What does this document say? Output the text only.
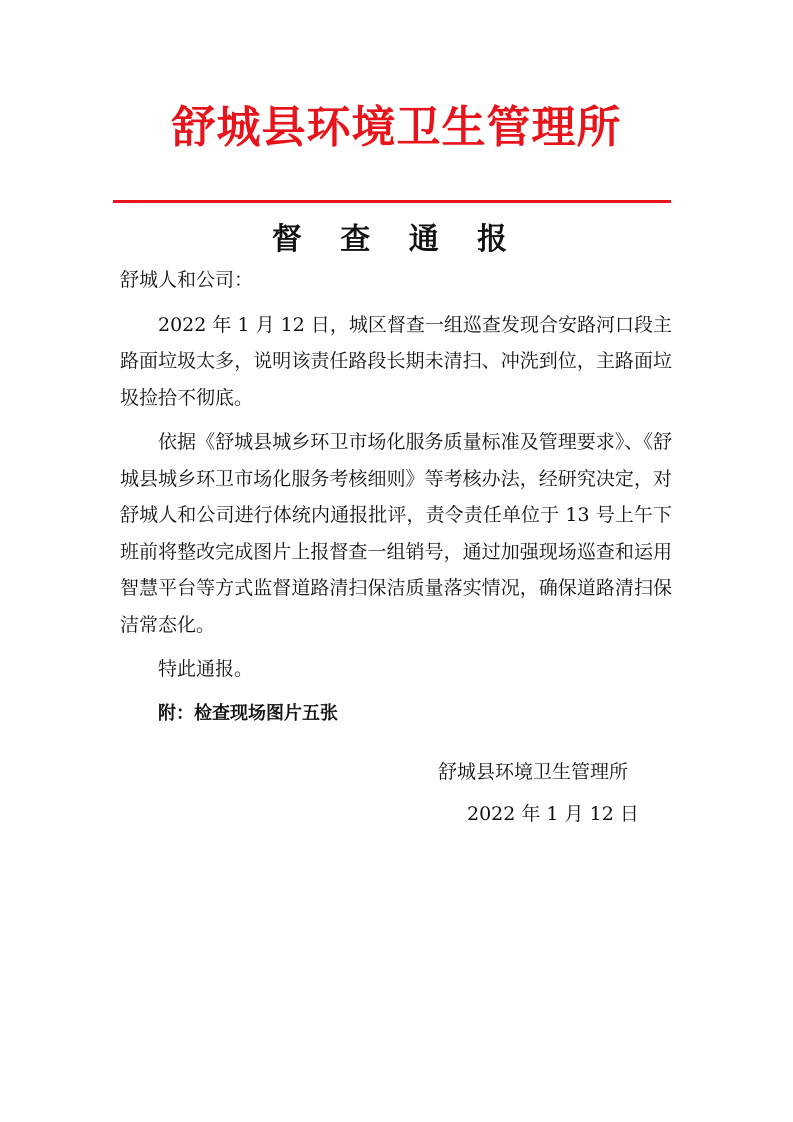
舒城县环境卫生管理所
督 查 通 报

舒城人和公司：

2022 年 1 月 12 日，城区督查一组巡查发现合安路河口段主路面垃圾太多，说明该责任路段长期未清扫、冲洗到位，主路面垃圾捡拾不彻底。

依据《舒城县城乡环卫市场化服务质量标准及管理要求》、《舒城县城乡环卫市场化服务考核细则》等考核办法，经研究决定，对舒城人和公司进行体统内通报批评，责令责任单位于 13 号上午下班前将整改完成图片上报督查一组销号，通过加强现场巡查和运用智慧平台等方式监督道路清扫保洁质量落实情况，确保道路清扫保洁常态化。

特此通报。

附：检查现场图片五张

舒城县环境卫生管理所
2022 年 1 月 12 日
